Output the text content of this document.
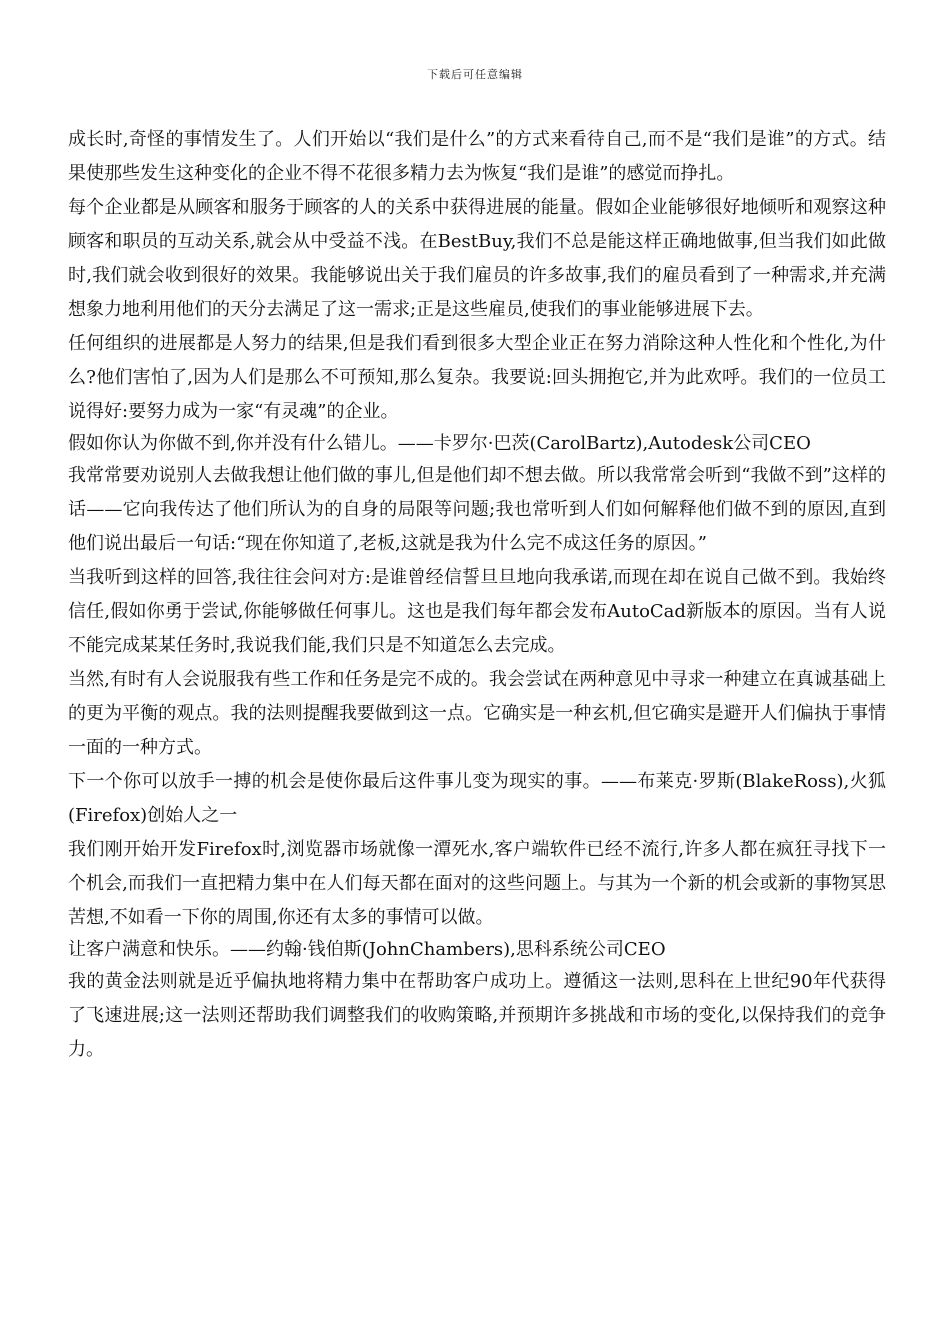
下载后可任意编辑

成长时,奇怪的事情发生了。人们开始以“我们是什么”的方式来看待自己,而不是“我们是谁”的方式。结果使那些发生这种变化的企业不得不花很多精力去为恢复“我们是谁”的感觉而挣扎。

每个企业都是从顾客和服务于顾客的人的关系中获得进展的能量。假如企业能够很好地倾听和观察这种顾客和职员的互动关系,就会从中受益不浅。在BestBuy,我们不总是能这样正确地做事,但当我们如此做时,我们就会收到很好的效果。我能够说出关于我们雇员的许多故事,我们的雇员看到了一种需求,并充满想象力地利用他们的天分去满足了这一需求;正是这些雇员,使我们的事业能够进展下去。

任何组织的进展都是人努力的结果,但是我们看到很多大型企业正在努力消除这种人性化和个性化,为什么?他们害怕了,因为人们是那么不可预知,那么复杂。我要说:回头拥抱它,并为此欢呼。我们的一位员工说得好:要努力成为一家“有灵魂”的企业。

假如你认为你做不到,你并没有什么错儿。——卡罗尔·巴茨(CarolBartz),Autodesk公司CEO

我常常要劝说别人去做我想让他们做的事儿,但是他们却不想去做。所以我常常会听到“我做不到”这样的话——它向我传达了他们所认为的自身的局限等问题;我也常听到人们如何解释他们做不到的原因,直到他们说出最后一句话:“现在你知道了,老板,这就是我为什么完不成这任务的原因。”

当我听到这样的回答,我往往会问对方:是谁曾经信誓旦旦地向我承诺,而现在却在说自己做不到。我始终信任,假如你勇于尝试,你能够做任何事儿。这也是我们每年都会发布AutoCad新版本的原因。当有人说不能完成某某任务时,我说我们能,我们只是不知道怎么去完成。

当然,有时有人会说服我有些工作和任务是完不成的。我会尝试在两种意见中寻求一种建立在真诚基础上的更为平衡的观点。我的法则提醒我要做到这一点。它确实是一种玄机,但它确实是避开人们偏执于事情一面的一种方式。

下一个你可以放手一搏的机会是使你最后这件事儿变为现实的事。——布莱克·罗斯(BlakeRoss),火狐(Firefox)创始人之一

我们刚开始开发Firefox时,浏览器市场就像一潭死水,客户端软件已经不流行,许多人都在疯狂寻找下一个机会,而我们一直把精力集中在人们每天都在面对的这些问题上。与其为一个新的机会或新的事物冥思苦想,不如看一下你的周围,你还有太多的事情可以做。

让客户满意和快乐。——约翰·钱伯斯(JohnChambers),思科系统公司CEO

我的黄金法则就是近乎偏执地将精力集中在帮助客户成功上。遵循这一法则,思科在上世纪90年代获得了飞速进展;这一法则还帮助我们调整我们的收购策略,并预期许多挑战和市场的变化,以保持我们的竞争力。
